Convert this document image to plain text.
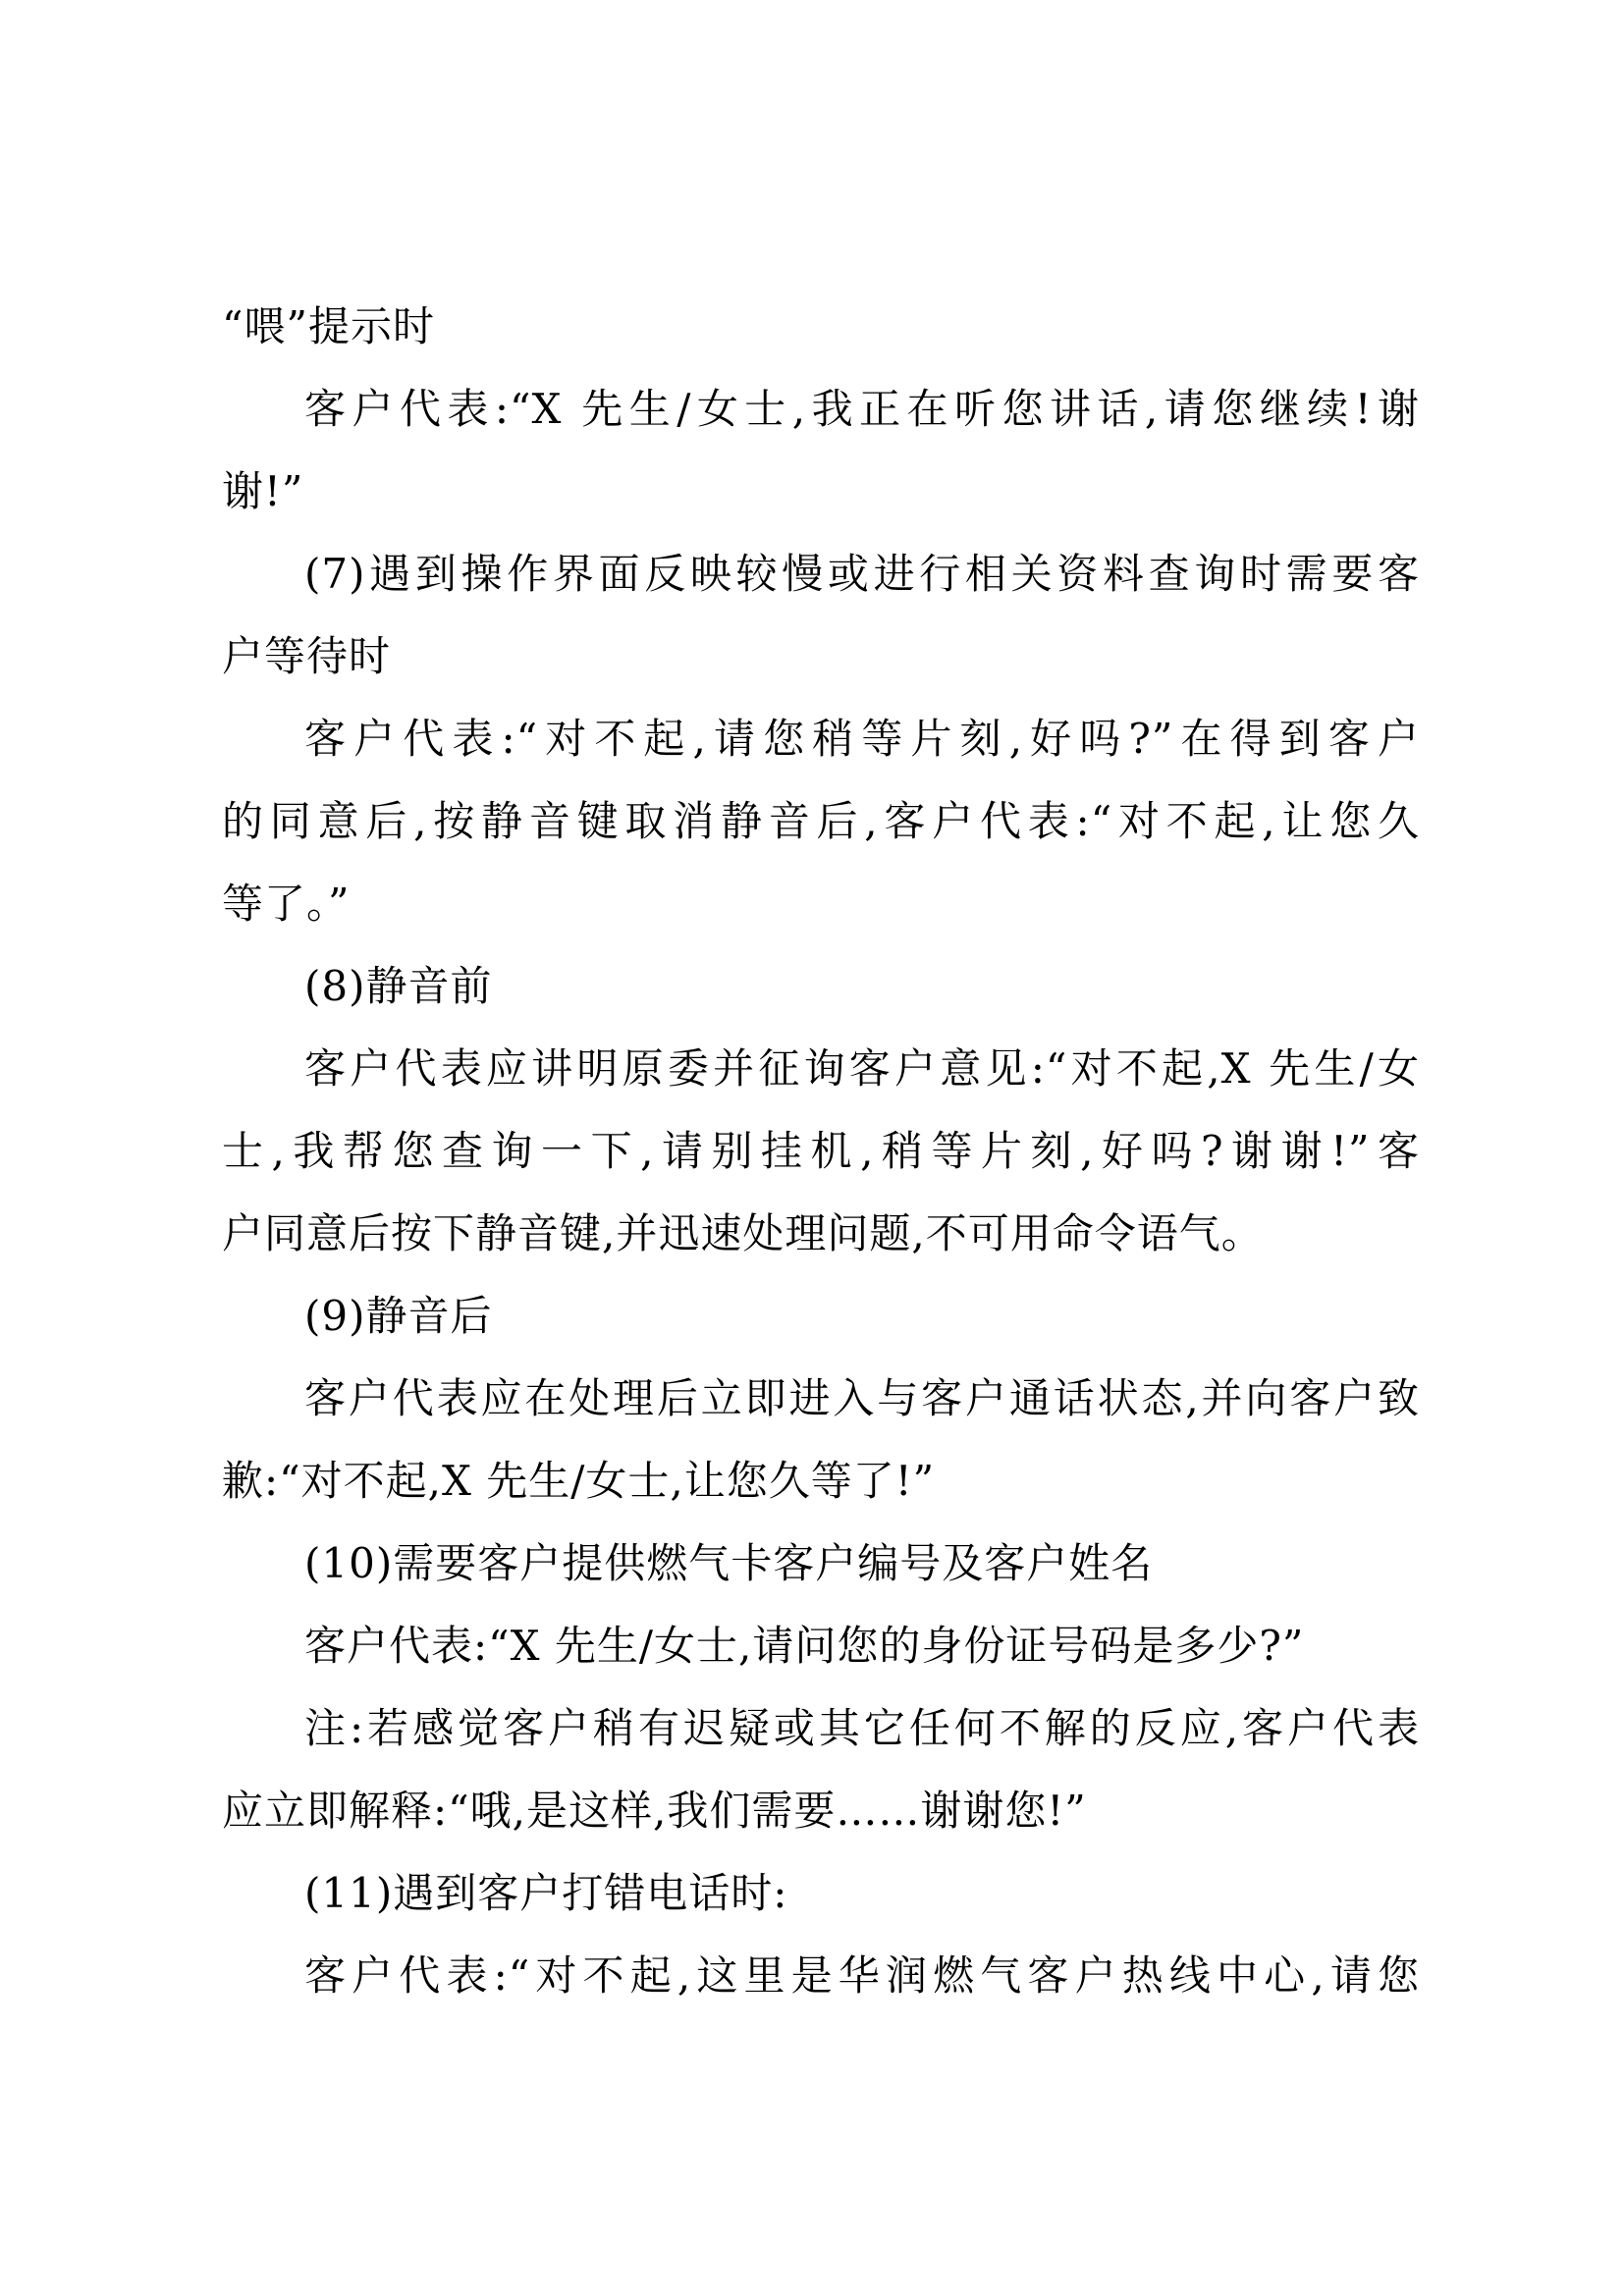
“喂”提示时
客户代表:“X 先生/女士,我正在听您讲话,请您继续!谢
谢!”
(7)遇到操作界面反映较慢或进行相关资料查询时需要客
户等待时
客户代表:“对不起,请您稍等片刻,好吗?”在得到客户
的同意后,按静音键取消静音后,客户代表:“对不起,让您久
等了。”
(8)静音前
客户代表应讲明原委并征询客户意见:“对不起,X 先生/女
士,我帮您查询一下,请别挂机,稍等片刻,好吗?谢谢!”客
户同意后按下静音键,并迅速处理问题,不可用命令语气。
(9)静音后
客户代表应在处理后立即进入与客户通话状态,并向客户致
歉:“对不起,X 先生/女士,让您久等了!”
(10)需要客户提供燃气卡客户编号及客户姓名
客户代表:“X 先生/女士,请问您的身份证号码是多少?”
注:若感觉客户稍有迟疑或其它任何不解的反应,客户代表
应立即解释:“哦,是这样,我们需要……谢谢您!”
(11)遇到客户打错电话时:
客户代表:“对不起,这里是华润燃气客户热线中心,请您
